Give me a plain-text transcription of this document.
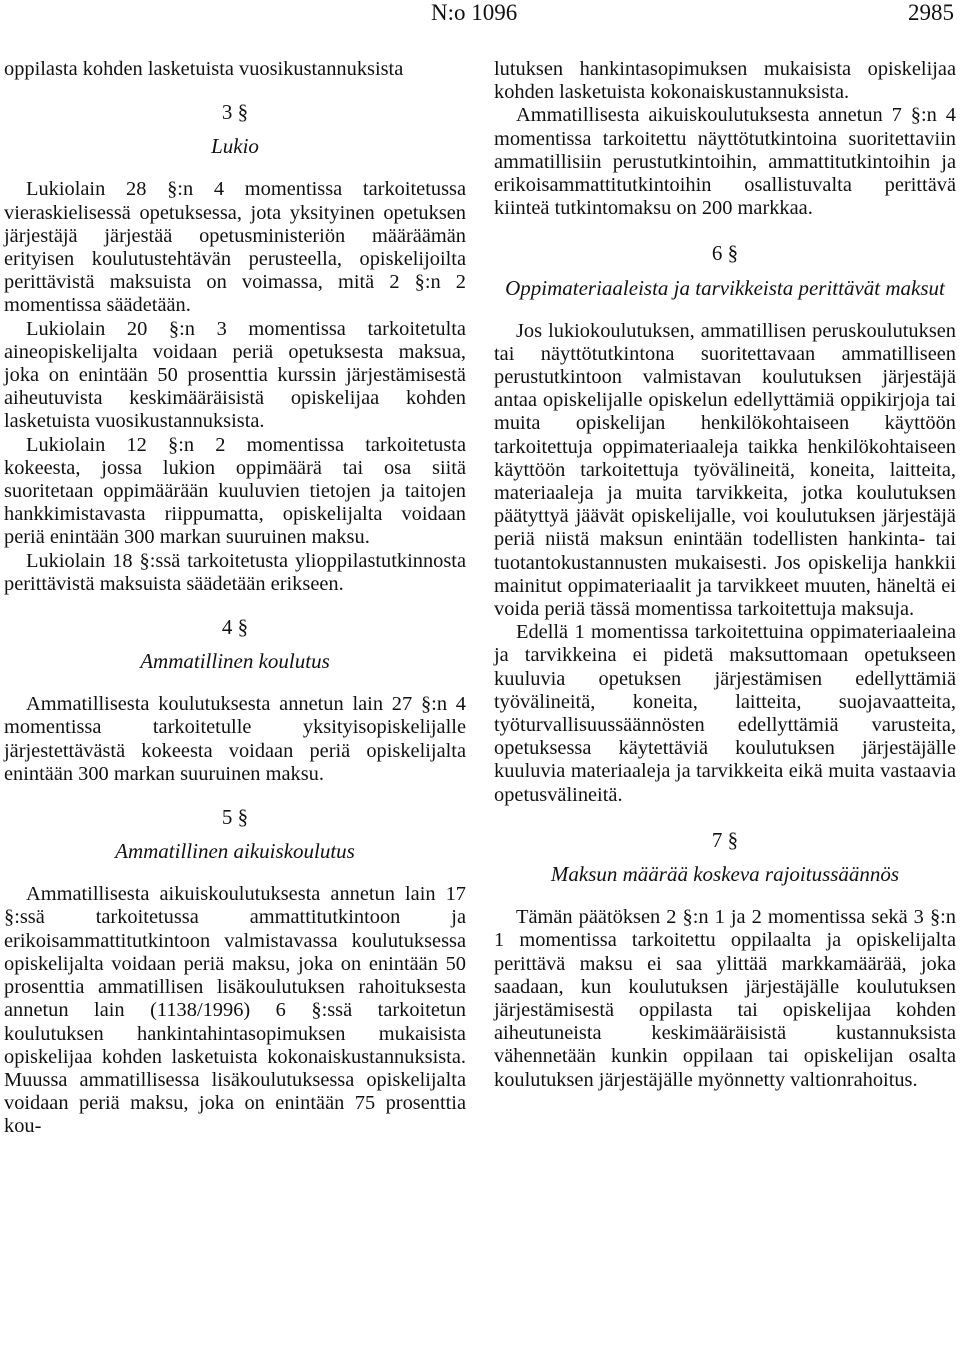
N:o 1096	2985

oppilasta kohden lasketuista vuosikustannuksista

3 §
Lukio

Lukiolain 28 §:n 4 momentissa tarkoitetussa vieraskielisessä opetuksessa, jota yksityinen opetuksen järjestäjä järjestää opetusministeriön määräämän erityisen koulutustehtävän perusteella, opiskelijoilta perittävistä maksuista on voimassa, mitä 2 §:n 2 momentissa säädetään.

Lukiolain 20 §:n 3 momentissa tarkoitetulta aineopiskelijalta voidaan periä opetuksesta maksua, joka on enintään 50 prosenttia kurssin järjestämisestä aiheutuvista keskimääräisistä opiskelijaa kohden lasketuista vuosikustannuksista.

Lukiolain 12 §:n 2 momentissa tarkoitetusta kokeesta, jossa lukion oppimäärä tai osa siitä suoritetaan oppimäärään kuuluvien tietojen ja taitojen hankkimistavasta riippumatta, opiskelijalta voidaan periä enintään 300 markan suuruinen maksu.

Lukiolain 18 §:ssä tarkoitetusta ylioppilastutkinnosta perittävistä maksuista säädetään erikseen.

4 §
Ammatillinen koulutus

Ammatillisesta koulutuksesta annetun lain 27 §:n 4 momentissa tarkoitetulle yksityisopiskelijalle järjestettävästä kokeesta voidaan periä opiskelijalta enintään 300 markan suuruinen maksu.

5 §
Ammatillinen aikuiskoulutus

Ammatillisesta aikuiskoulutuksesta annetun lain 17 §:ssä tarkoitetussa ammattitutkintoon ja erikoisammattitutkintoon valmistavassa koulutuksessa opiskelijalta voidaan periä maksu, joka on enintään 50 prosenttia ammatillisen lisäkoulutuksen rahoituksesta annetun lain (1138/1996) 6 §:ssä tarkoitetun koulutuksen hankintahintasopimuksen mukaisista opiskelijaa kohden lasketuista kokonaiskustannuksista. Muussa ammatillisessa lisäkoulutuksessa opiskelijalta voidaan periä maksu, joka on enintään 75 prosenttia kou-

lutuksen hankintasopimuksen mukaisista opiskelijaa kohden lasketuista kokonaiskustannuksista.

Ammatillisesta aikuiskoulutuksesta annetun 7 §:n 4 momentissa tarkoitettu näyttötutkintoina suoritettaviin ammatillisiin perustutkintoihin, ammattitutkintoihin ja erikoisammattitutkintoihin osallistuvalta perittävä kiinteä tutkintomaksu on 200 markkaa.

6 §
Oppimateriaaleista ja tarvikkeista perittävät maksut

Jos lukiokoulutuksen, ammatillisen peruskoulutuksen tai näyttötutkintona suoritettavaan ammatilliseen perustutkintoon valmistavan koulutuksen järjestäjä antaa opiskelijalle opiskelun edellyttämiä oppikirjoja tai muita opiskelijan henkilökohtaiseen käyttöön tarkoitettuja oppimateriaaleja taikka henkilökohtaiseen käyttöön tarkoitettuja työvälineitä, koneita, laitteita, materiaaleja ja muita tarvikkeita, jotka koulutuksen päätyttyä jäävät opiskelijalle, voi koulutuksen järjestäjä periä niistä maksun enintään todellisten hankinta- tai tuotantokustannusten mukaisesti. Jos opiskelija hankkii mainitut oppimateriaalit ja tarvikkeet muuten, häneltä ei voida periä tässä momentissa tarkoitettuja maksuja.

Edellä 1 momentissa tarkoitettuina oppimateriaaleina ja tarvikkeina ei pidetä maksuttomaan opetukseen kuuluvia opetuksen järjestämisen edellyttämiä työvälineitä, koneita, laitteita, suojavaatteita, työturvallisuussäännösten edellyttämiä varusteita, opetuksessa käytettäviä koulutuksen järjestäjälle kuuluvia materiaaleja ja tarvikkeita eikä muita vastaavia opetusvälineitä.

7 §
Maksun määrää koskeva rajoitussäännös

Tämän päätöksen 2 §:n 1 ja 2 momentissa sekä 3 §:n 1 momentissa tarkoitettu oppilaalta ja opiskelijalta perittävä maksu ei saa ylittää markkamäärää, joka saadaan, kun koulutuksen järjestäjälle koulutuksen järjestämisestä oppilasta tai opiskelijaa kohden aiheutuneista keskimääräisistä kustannuksista vähennetään kunkin oppilaan tai opiskelijan osalta koulutuksen järjestäjälle myönnetty valtionrahoitus.
